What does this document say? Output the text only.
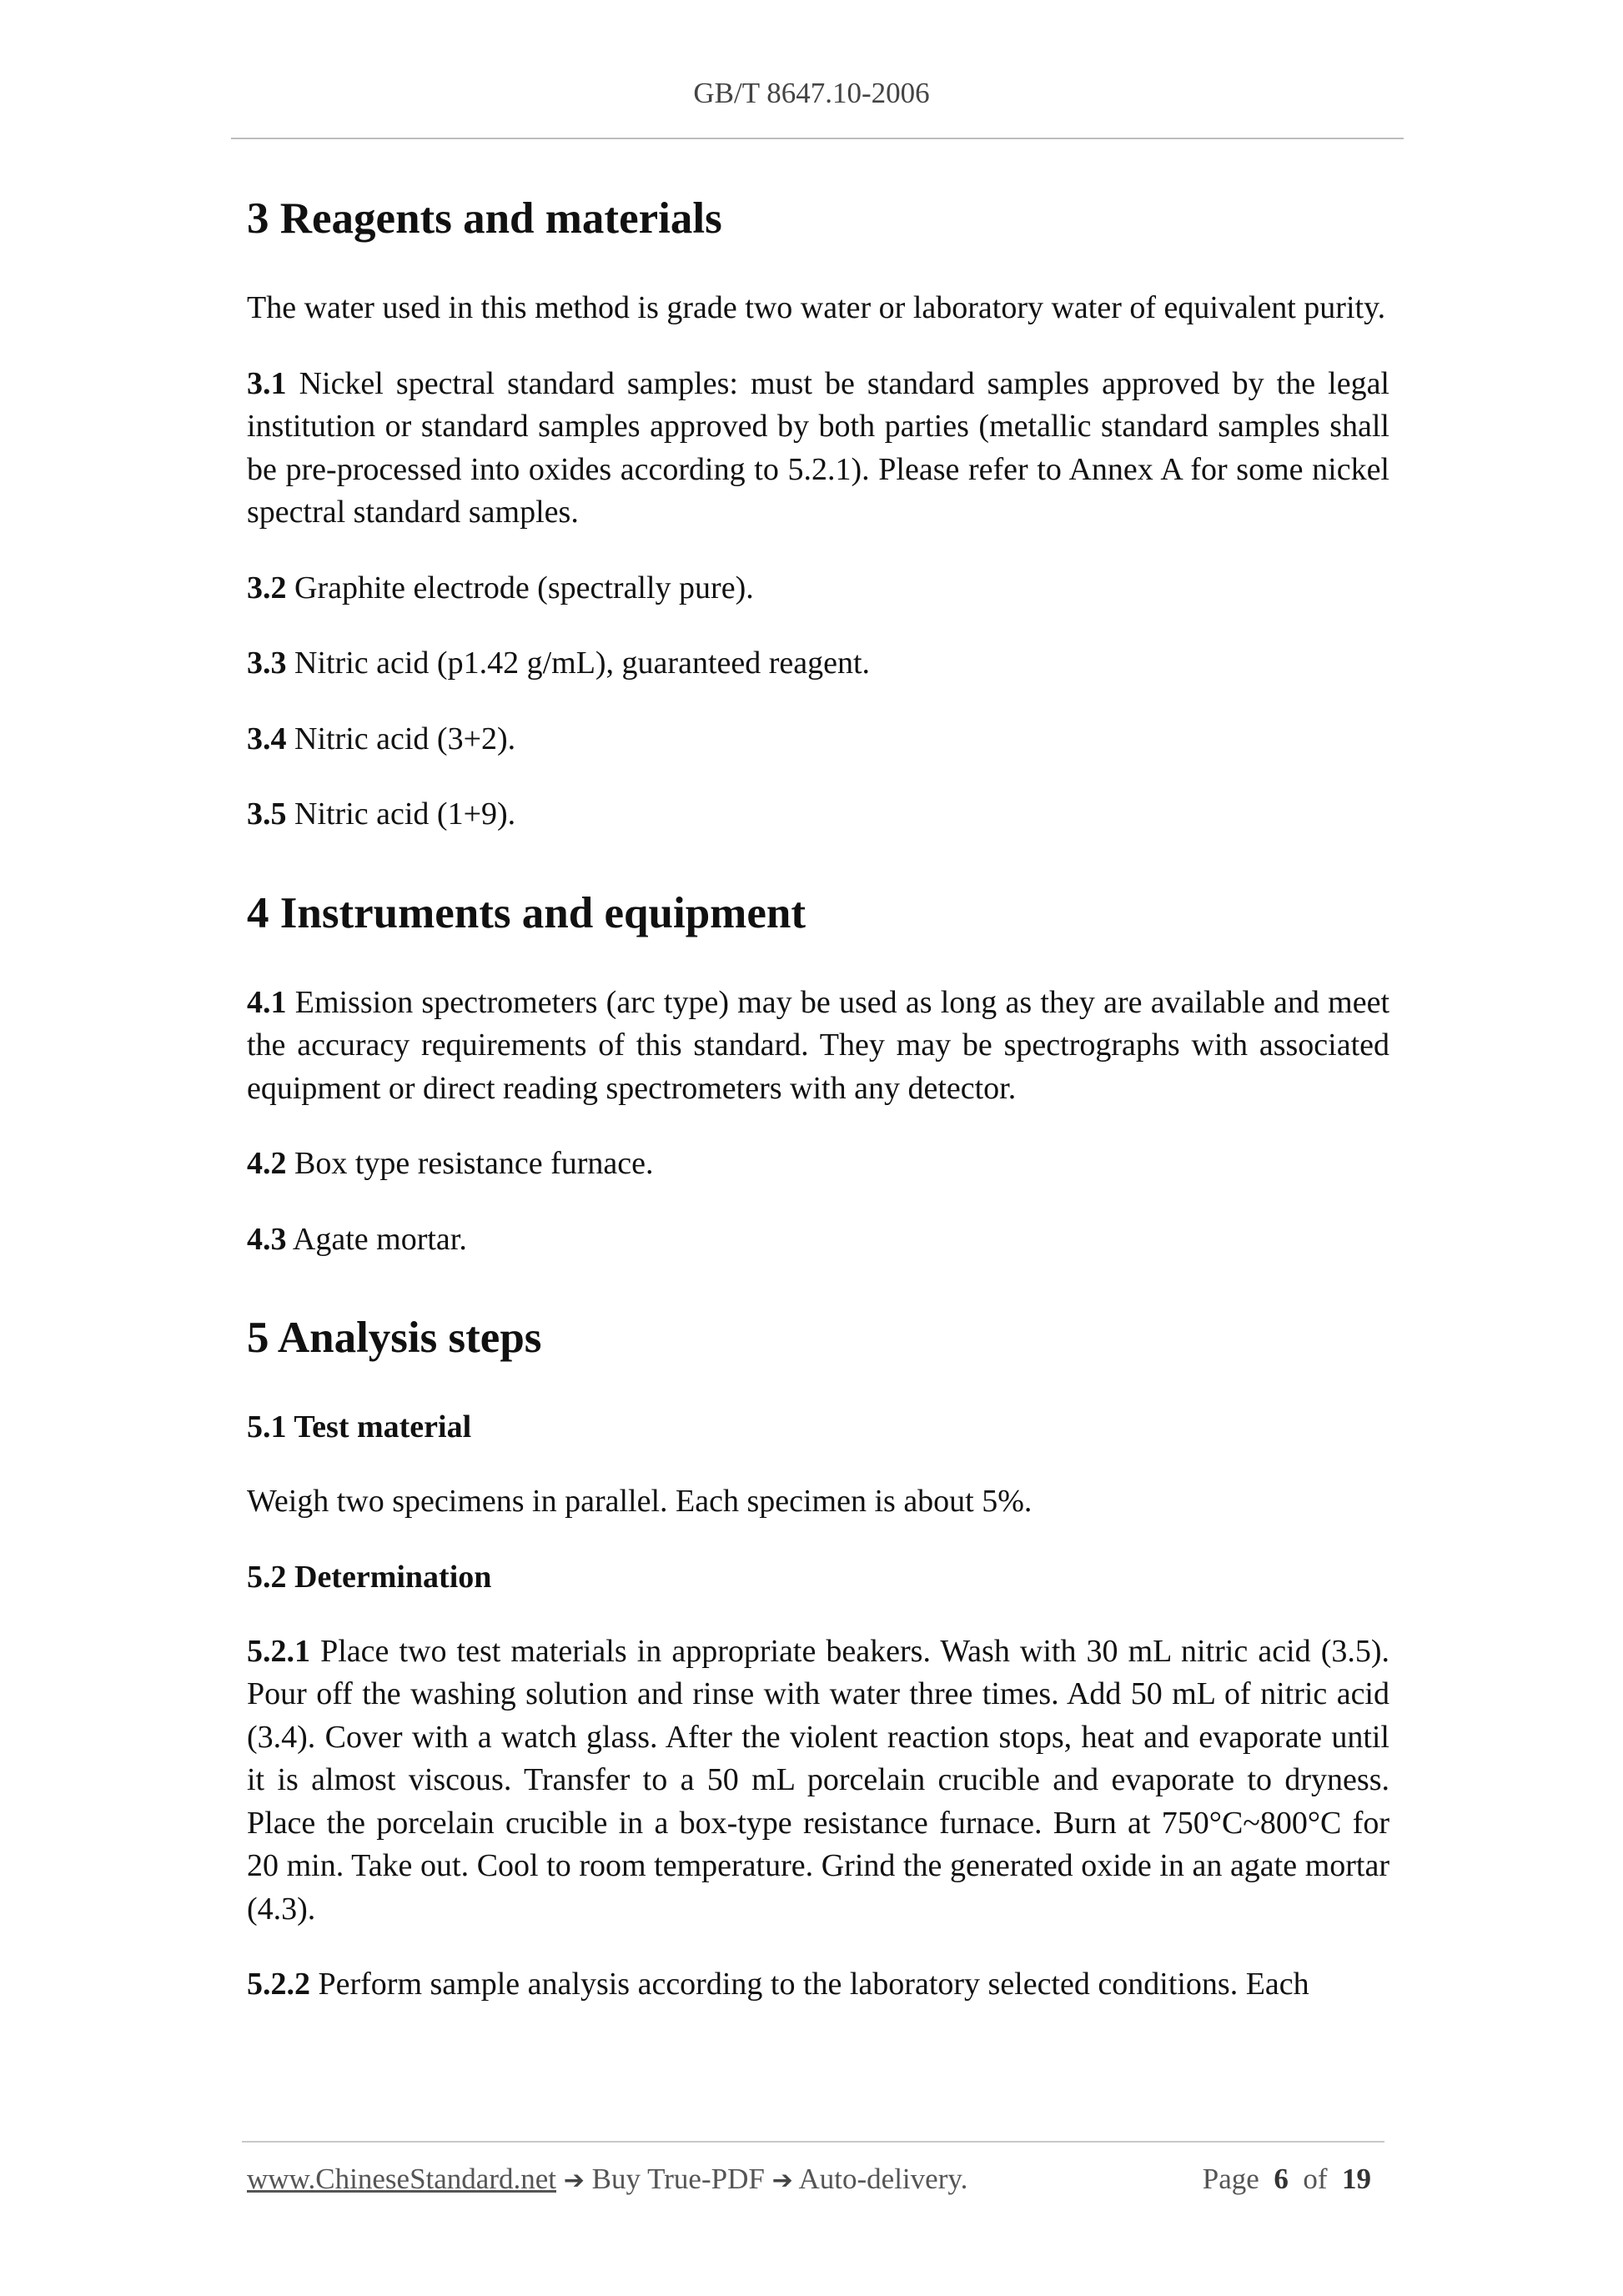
GB/T 8647.10-2006
3 Reagents and materials

The water used in this method is grade two water or laboratory water of equivalent purity.

3.1 Nickel spectral standard samples: must be standard samples approved by the legal institution or standard samples approved by both parties (metallic standard samples shall be pre-processed into oxides according to 5.2.1). Please refer to Annex A for some nickel spectral standard samples.

3.2 Graphite electrode (spectrally pure).

3.3 Nitric acid (p1.42 g/mL), guaranteed reagent.

3.4 Nitric acid (3+2).

3.5 Nitric acid (1+9).

4 Instruments and equipment

4.1 Emission spectrometers (arc type) may be used as long as they are available and meet the accuracy requirements of this standard. They may be spectrographs with associated equipment or direct reading spectrometers with any detector.

4.2 Box type resistance furnace.

4.3 Agate mortar.

5 Analysis steps
5.1 Test material

Weigh two specimens in parallel. Each specimen is about 5%.

5.2 Determination

5.2.1 Place two test materials in appropriate beakers. Wash with 30 mL nitric acid (3.5). Pour off the washing solution and rinse with water three times. Add 50 mL of nitric acid (3.4). Cover with a watch glass. After the violent reaction stops, heat and evaporate until it is almost viscous. Transfer to a 50 mL porcelain crucible and evaporate to dryness. Place the porcelain crucible in a box-type resistance furnace. Burn at 750°C~800°C for 20 min. Take out. Cool to room temperature. Grind the generated oxide in an agate mortar (4.3).

5.2.2 Perform sample analysis according to the laboratory selected conditions. Each

www.ChineseStandard.net ➔ Buy True-PDF ➔ Auto-delivery.	Page 6 of 19
